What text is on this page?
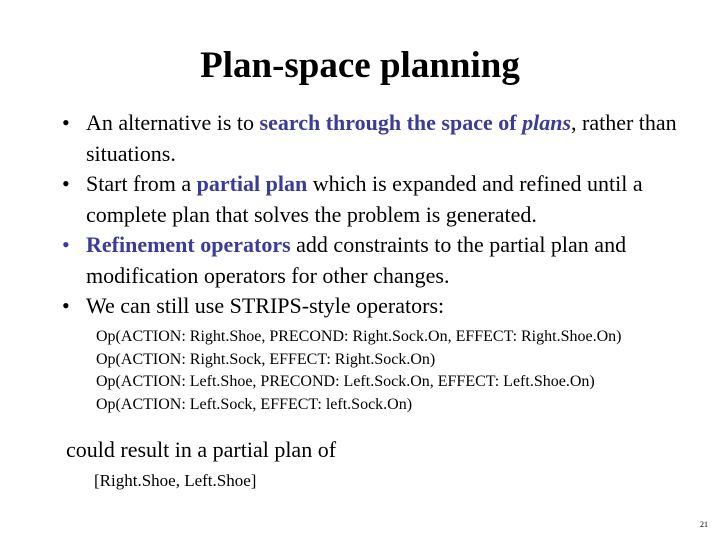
Plan-space planning
• An alternative is to search through the space of plans, rather than situations.
• Start from a partial plan which is expanded and refined until a complete plan that solves the problem is generated.
• Refinement operators add constraints to the partial plan and modification operators for other changes.
• We can still use STRIPS-style operators:
Op(ACTION: Right.Shoe, PRECOND: Right.Sock.On, EFFECT: Right.Shoe.On)
Op(ACTION: Right.Sock, EFFECT: Right.Sock.On)
Op(ACTION: Left.Shoe, PRECOND: Left.Sock.On, EFFECT: Left.Shoe.On)
Op(ACTION: Left.Sock, EFFECT: left.Sock.On)
could result in a partial plan of
[Right.Shoe, Left.Shoe]
21
